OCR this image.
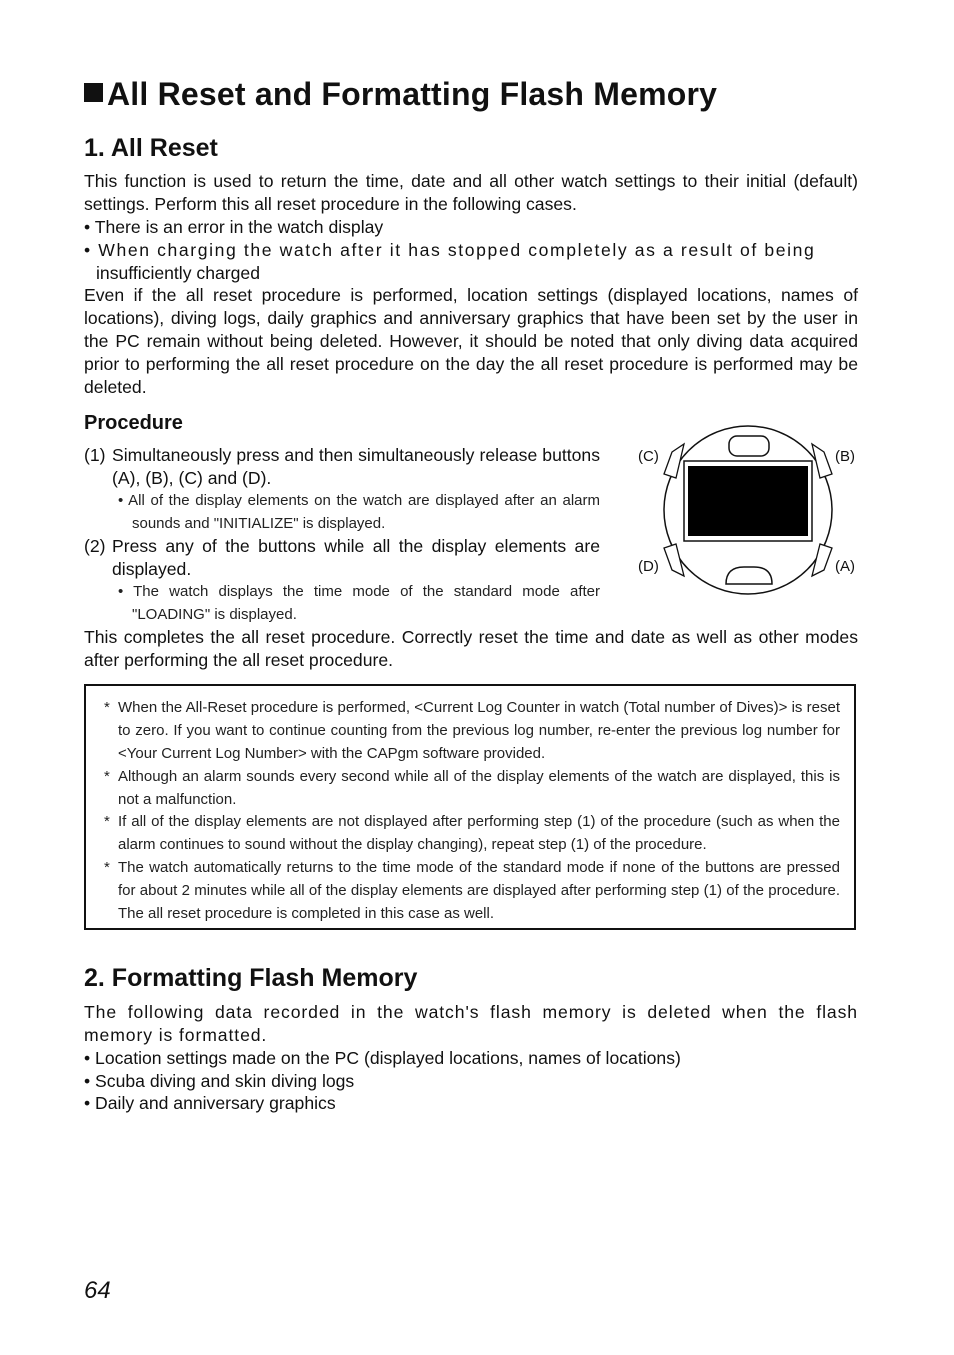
All Reset and Formatting Flash Memory
1. All Reset
This function is used to return the time, date and all other watch settings to their initial (default) settings. Perform this all reset procedure in the following cases.
• There is an error in the watch display
• When charging the watch after it has stopped completely as a result of being
insufficiently charged
Even if the all reset procedure is performed, location settings (displayed locations, names of locations), diving logs, daily graphics and anniversary graphics that have been set by the user in the PC remain without being deleted. However, it should be noted that only diving data acquired prior to performing the all reset procedure on the day the all reset procedure is performed may be deleted.
Procedure
(1) Simultaneously press and then simultaneously release buttons (A), (B), (C) and (D).
• All of the display elements on the watch are displayed after an alarm sounds and "INITIALIZE" is displayed.
(2) Press any of the buttons while all the display elements are displayed.
• The watch displays the time mode of the standard mode after "LOADING" is displayed.
This completes the all reset procedure. Correctly reset the time and date as well as other modes after performing the all reset procedure.
(C)	(B)
(D)	(A)
* When the All-Reset procedure is performed, <Current Log Counter in watch (Total number of Dives)> is reset to zero. If you want to continue counting from the previous log number, re-enter the previous log number for <Your Current Log Number> with the CAPgm software provided.
* Although an alarm sounds every second while all of the display elements of the watch are displayed, this is not a malfunction.
* If all of the display elements are not displayed after performing step (1) of the procedure (such as when the alarm continues to sound without the display changing), repeat step (1) of the procedure.
* The watch automatically returns to the time mode of the standard mode if none of the buttons are pressed for about 2 minutes while all of the display elements are displayed after performing step (1) of the procedure. The all reset procedure is completed in this case as well.
2. Formatting Flash Memory
The following data recorded in the watch's flash memory is deleted when the flash memory is formatted.
• Location settings made on the PC (displayed locations, names of locations)
• Scuba diving and skin diving logs
• Daily and anniversary graphics
64
